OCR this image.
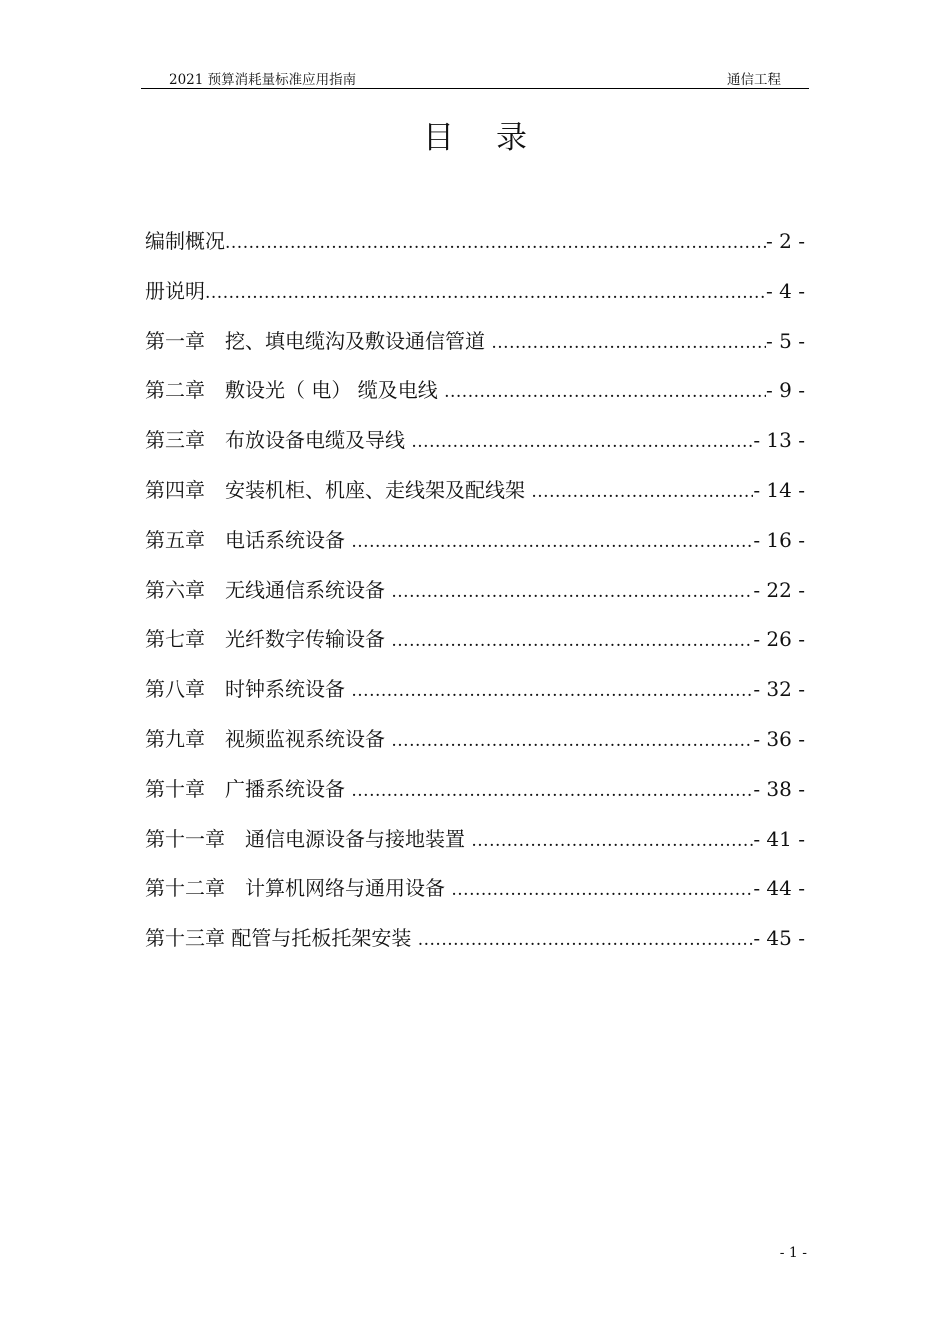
2021 预算消耗量标准应用指南	通信工程
目录
编制概况 .....	- 2 -
册说明 .....	- 4 -
第一章　挖、填电缆沟及敷设通信管道 .....	- 5 -
第二章　敷设光（ 电） 缆及电线 .....	- 9 -
第三章　布放设备电缆及导线 .....	- 13 -
第四章　安装机柜、机座、走线架及配线架 .....	- 14 -
第五章　电话系统设备 .....	- 16 -
第六章　无线通信系统设备 .....	- 22 -
第七章　光纤数字传输设备 .....	- 26 -
第八章　时钟系统设备 .....	- 32 -
第九章　视频监视系统设备 .....	- 36 -
第十章　广播系统设备 .....	- 38 -
第十一章　通信电源设备与接地装置 .....	- 41 -
第十二章　计算机网络与通用设备 .....	- 44 -
第十三章 配管与托板托架安装 .....	- 45 -
- 1 -
